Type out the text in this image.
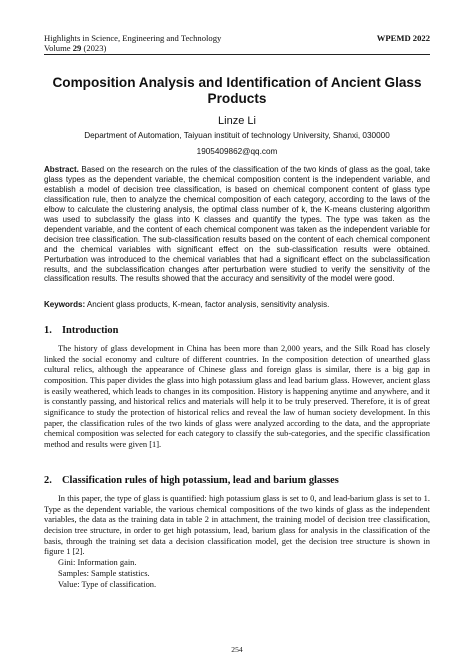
Highlights in Science, Engineering and Technology	WPEMD 2022
Volume 29 (2023)
Composition Analysis and Identification of Ancient Glass Products
Linze Li
Department of Automation, Taiyuan instituit of technology University, Shanxi, 030000
1905409862@qq.com
Abstract. Based on the research on the rules of the classification of the two kinds of glass as the goal, take glass types as the dependent variable, the chemical composition content is the independent variable, and establish a model of decision tree classification, is based on chemical component content of glass type classification rule, then to analyze the chemical composition of each category, according to the laws of the elbow to calculate the clustering analysis, the optimal class number of k, the K-means clustering algorithm was used to subclassify the glass into K classes and quantify the types. The type was taken as the dependent variable, and the content of each chemical component was taken as the independent variable for decision tree classification. The sub-classification results based on the content of each chemical component and the chemical variables with significant effect on the sub-classification results were obtained. Perturbation was introduced to the chemical variables that had a significant effect on the subclassification results, and the subclassification changes after perturbation were studied to verify the sensitivity of the classification results. The results showed that the accuracy and sensitivity of the model were good.
Keywords: Ancient glass products, K-mean, factor analysis, sensitivity analysis.
1. Introduction
The history of glass development in China has been more than 2,000 years, and the Silk Road has closely linked the social economy and culture of different countries. In the composition detection of unearthed glass cultural relics, although the appearance of Chinese glass and foreign glass is similar, there is a big gap in composition. This paper divides the glass into high potassium glass and lead barium glass. However, ancient glass is easily weathered, which leads to changes in its composition. History is happening anytime and anywhere, and it is constantly passing, and historical relics and materials will help it to be truly preserved. Therefore, it is of great significance to study the protection of historical relics and reveal the law of human society development. In this paper, the classification rules of the two kinds of glass were analyzed according to the data, and the appropriate chemical composition was selected for each category to classify the sub-categories, and the specific classification method and results were given [1].
2. Classification rules of high potassium, lead and barium glasses
In this paper, the type of glass is quantified: high potassium glass is set to 0, and lead-barium glass is set to 1. Type as the dependent variable, the various chemical compositions of the two kinds of glass as the independent variables, the data as the training data in table 2 in attachment, the training model of decision tree classification, decision tree structure, in order to get high potassium, lead, barium glass for analysis in the classification of the basis, through the training set data a decision classification model, get the decision tree structure is shown in figure 1 [2].
Gini: Information gain.
Samples: Sample statistics.
Value: Type of classification.
254
